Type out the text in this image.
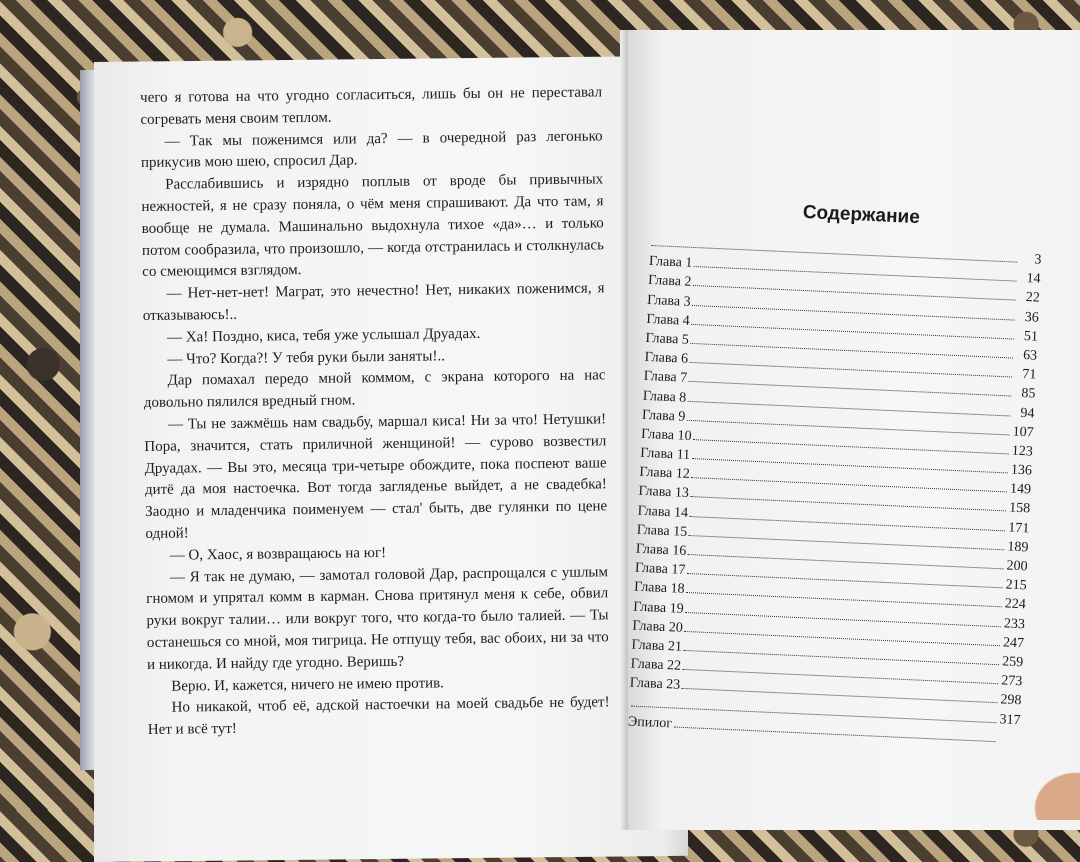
чего я готова на что угодно согласиться, лишь бы он не переставал согревать меня своим теплом.

— Так мы поженимся или да? — в очередной раз легонько прикусив мою шею, спросил Дар.

Расслабившись и изрядно поплыв от вроде бы привычных нежностей, я не сразу поняла, о чём меня спрашивают. Да что там, я вообще не думала. Машинально выдохнула тихое «да»… и только потом сообразила, что произошло, — когда отстранилась и столкнулась со смеющимся взглядом.

— Нет-нет-нет! Маграт, это нечестно! Нет, никаких поженимся, я отказываюсь!..

— Ха! Поздно, киса, тебя уже услышал Друадах.

— Что? Когда?! У тебя руки были заняты!..

Дар помахал передо мной коммом, с экрана которого на нас довольно пялился вредный гном.

— Ты не зажмёшь нам свадьбу, маршал киса! Ни за что! Нетушки! Пора, значится, стать приличной женщиной! — сурово возвестил Друадах. — Вы это, месяца три-четыре обождите, пока поспеют ваше дитё да моя настоечка. Вот тогда загляденье выйдет, а не свадебка! Заодно и младенчика поименуем — стал' быть, две гулянки по цене одной!

— О, Хаос, я возвращаюсь на юг!

— Я так не думаю, — замотал головой Дар, распрощался с ушлым гномом и упрятал комм в карман. Снова притянул меня к себе, обвил руки вокруг талии… или вокруг того, что когда-то было талией. — Ты останешься со мной, моя тигрица. Не отпущу тебя, вас обоих, ни за что и никогда. И найду где угодно. Веришь?

Верю. И, кажется, ничего не имею против.

Но никакой, чтоб её, адской настоечки на моей свадьбе не будет! Нет и всё тут!

Содержание
3
Глава 1
14
Глава 2
22
Глава 3
36
Глава 4
51
Глава 5
63
Глава 6
71
Глава 7
85
Глава 8
94
Глава 9
107
Глава 10
123
Глава 11
136
Глава 12
149
Глава 13
158
Глава 14
171
Глава 15
189
Глава 16
200
Глава 17
215
Глава 18
224
Глава 19
233
Глава 20
247
Глава 21
259
Глава 22
273
Глава 23
298
317
Эпилог
